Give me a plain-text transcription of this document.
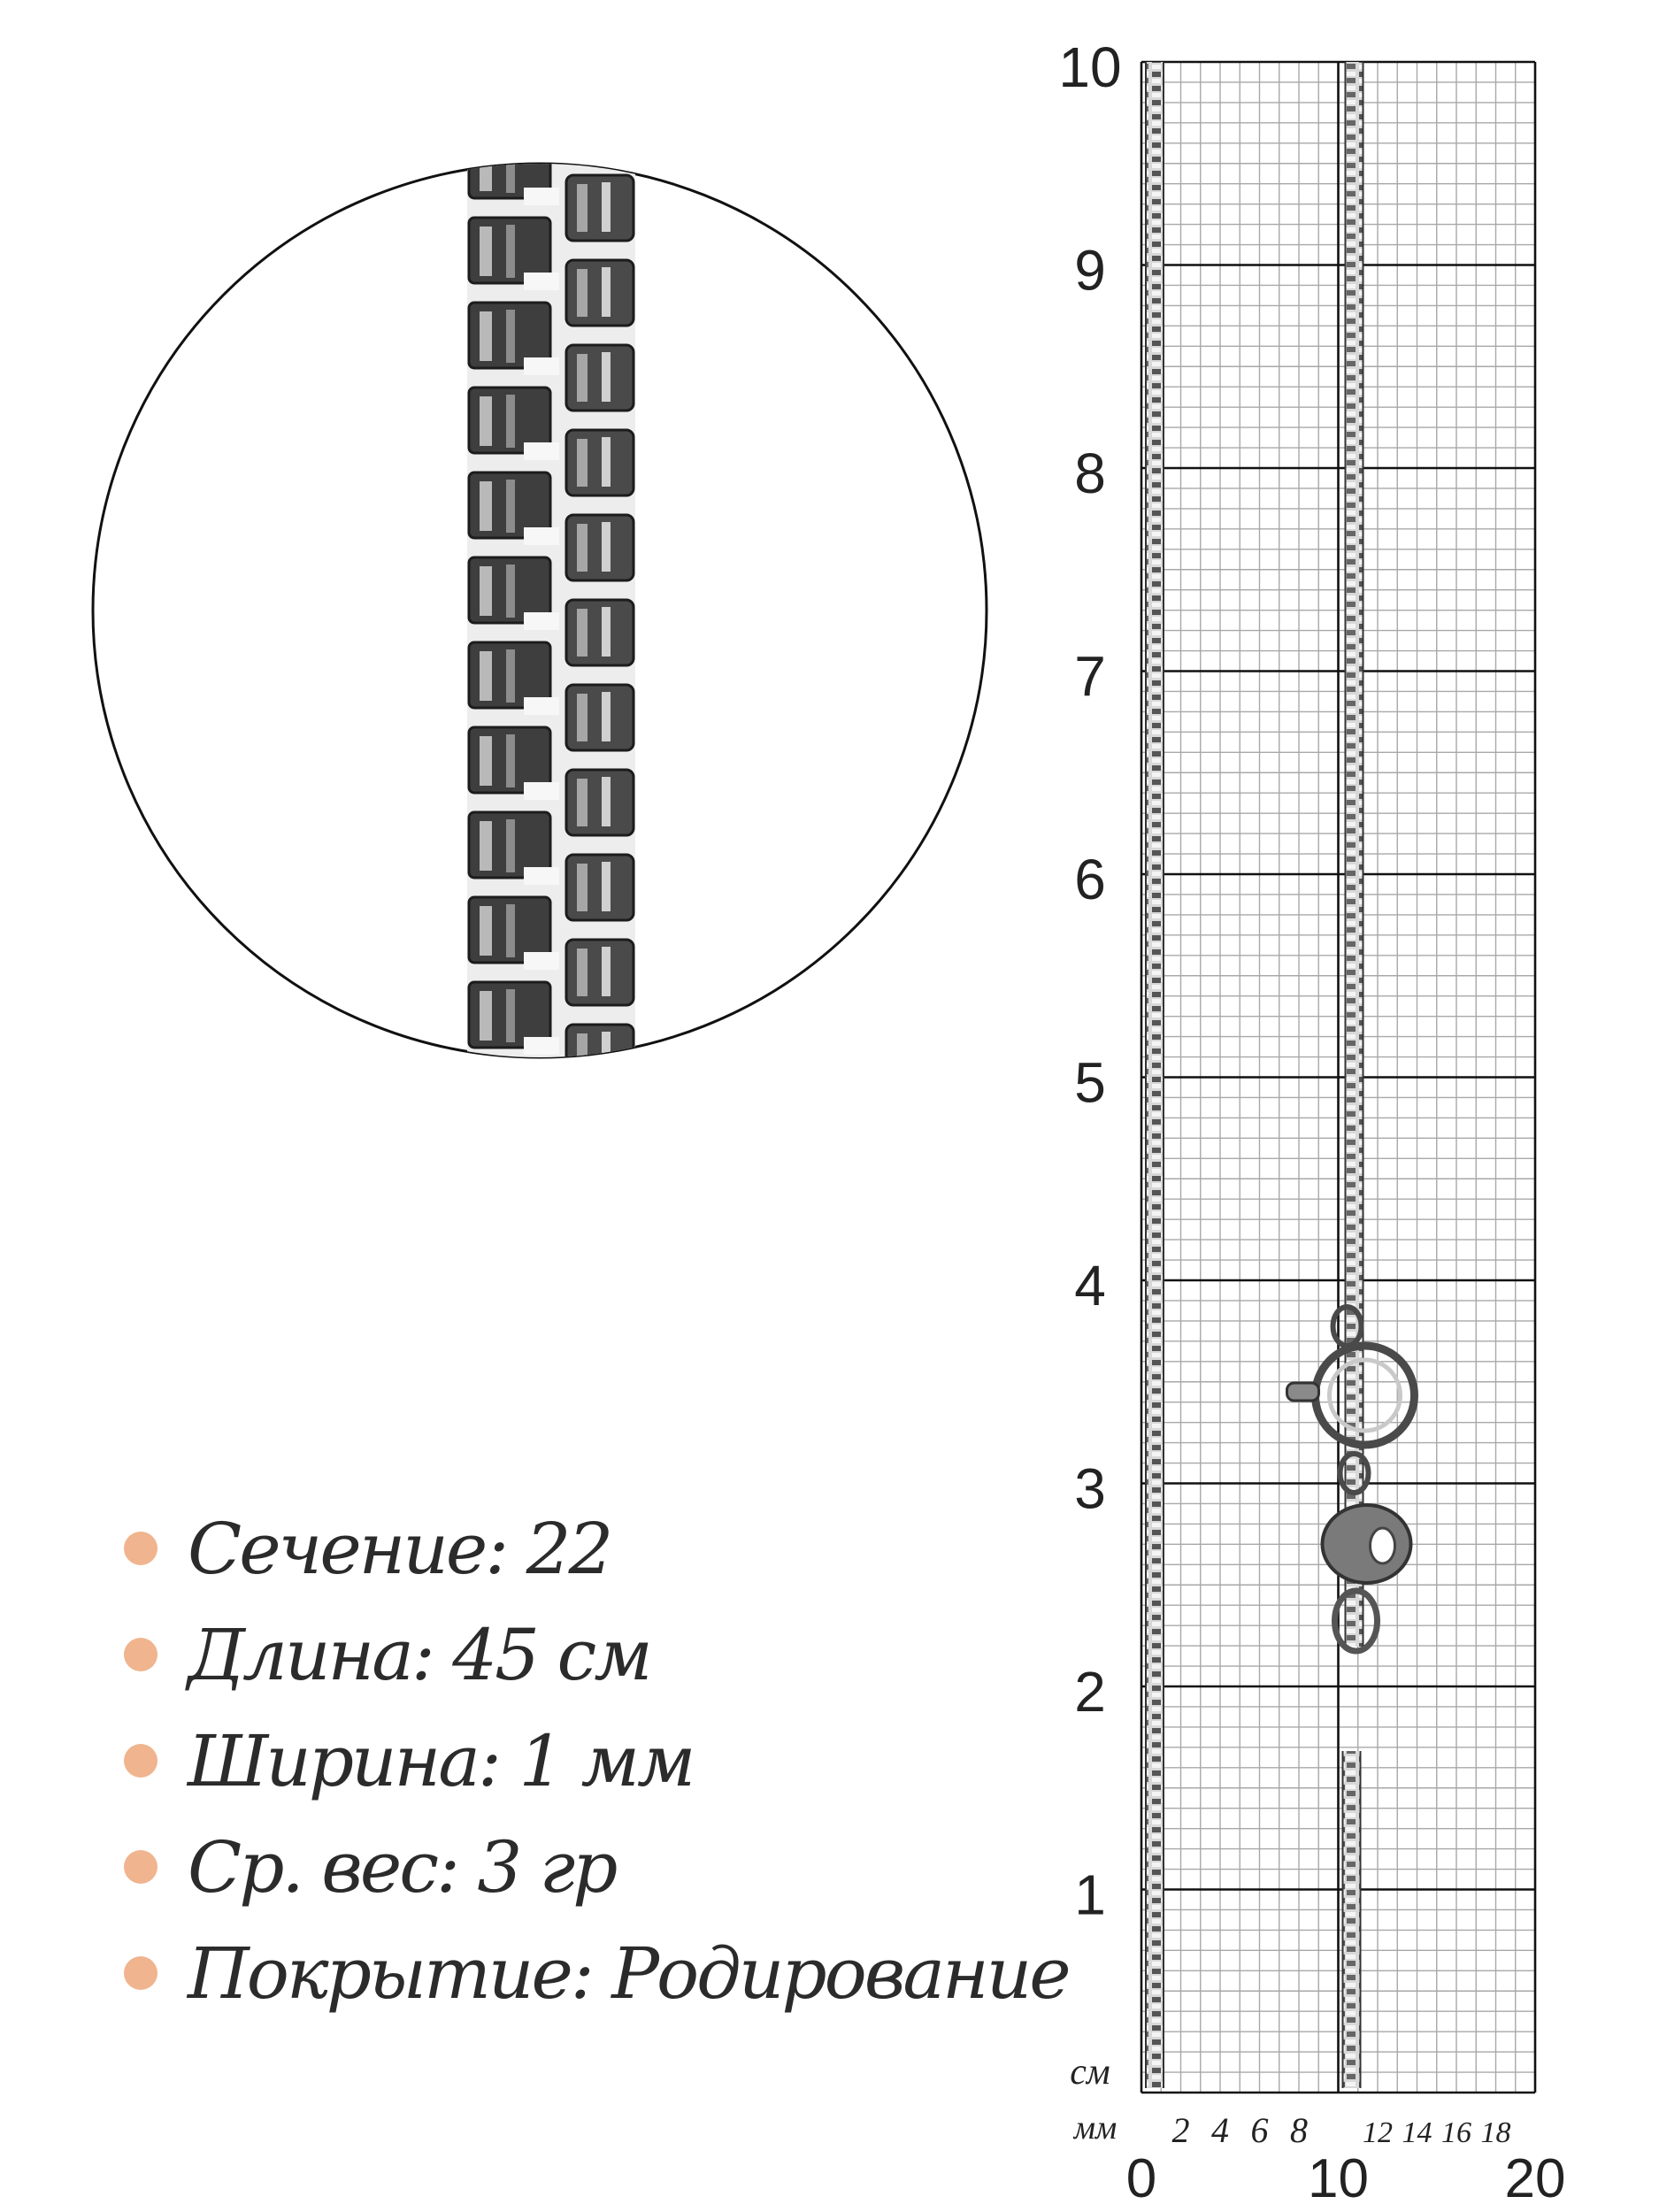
10
1
2
3
4
5
6
7
8
9
см
мм 2 4 6 8 12 14 16 18
0	10 20
Сечение: 22
Длина: 45 см
Ширина: 1 мм
Ср. вес: 3 гр
Покрытие: Родирование
